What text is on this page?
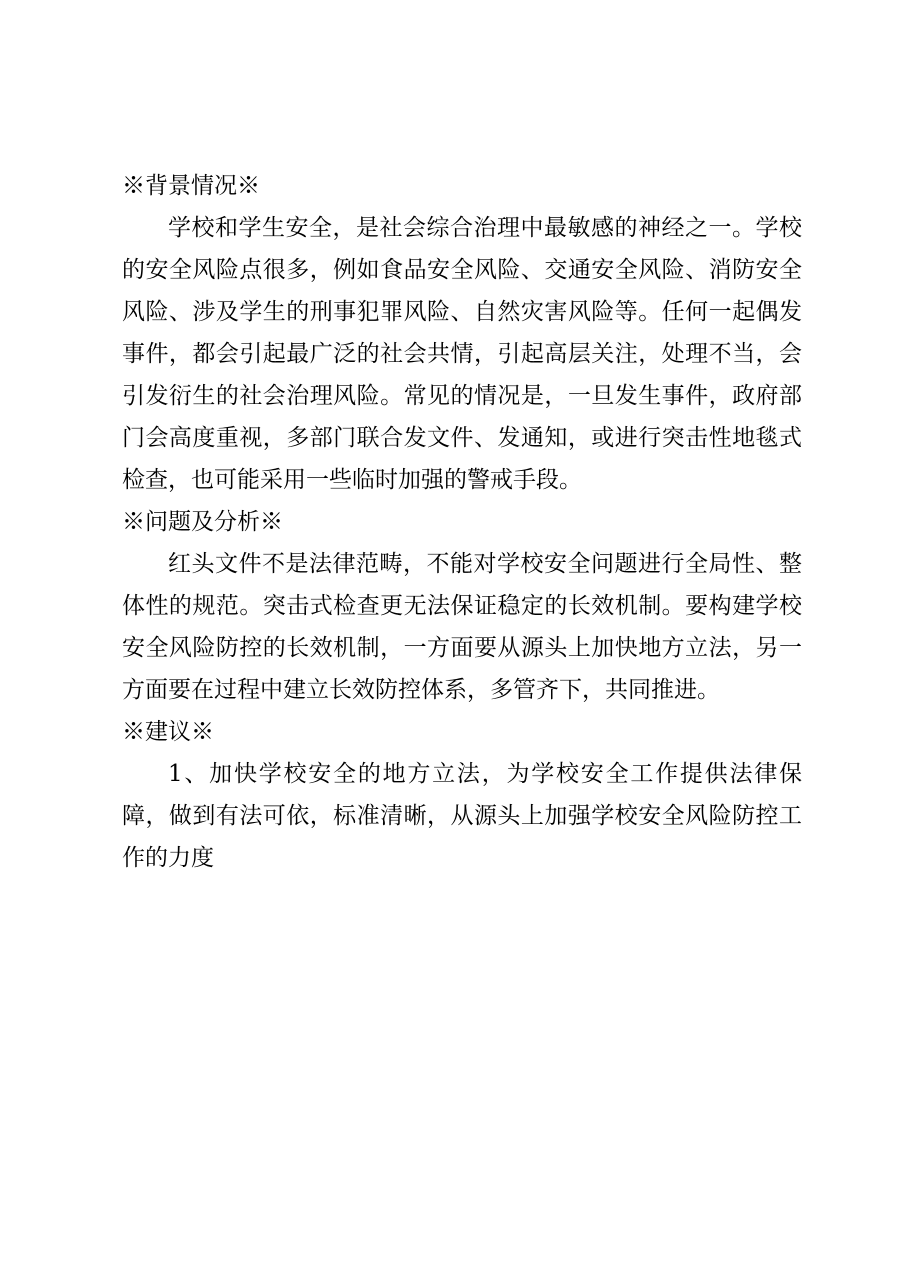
※背景情况※

学校和学生安全，是社会综合治理中最敏感的神经之一。学校的安全风险点很多，例如食品安全风险、交通安全风险、消防安全风险、涉及学生的刑事犯罪风险、自然灾害风险等。任何一起偶发事件，都会引起最广泛的社会共情，引起高层关注，处理不当，会引发衍生的社会治理风险。常见的情况是，一旦发生事件，政府部门会高度重视，多部门联合发文件、发通知，或进行突击性地毯式检查，也可能采用一些临时加强的警戒手段。

※问题及分析※

红头文件不是法律范畴，不能对学校安全问题进行全局性、整体性的规范。突击式检查更无法保证稳定的长效机制。要构建学校安全风险防控的长效机制，一方面要从源头上加快地方立法，另一方面要在过程中建立长效防控体系，多管齐下，共同推进。

※建议※

1、加快学校安全的地方立法，为学校安全工作提供法律保障，做到有法可依，标准清晰，从源头上加强学校安全风险防控工作的力度
